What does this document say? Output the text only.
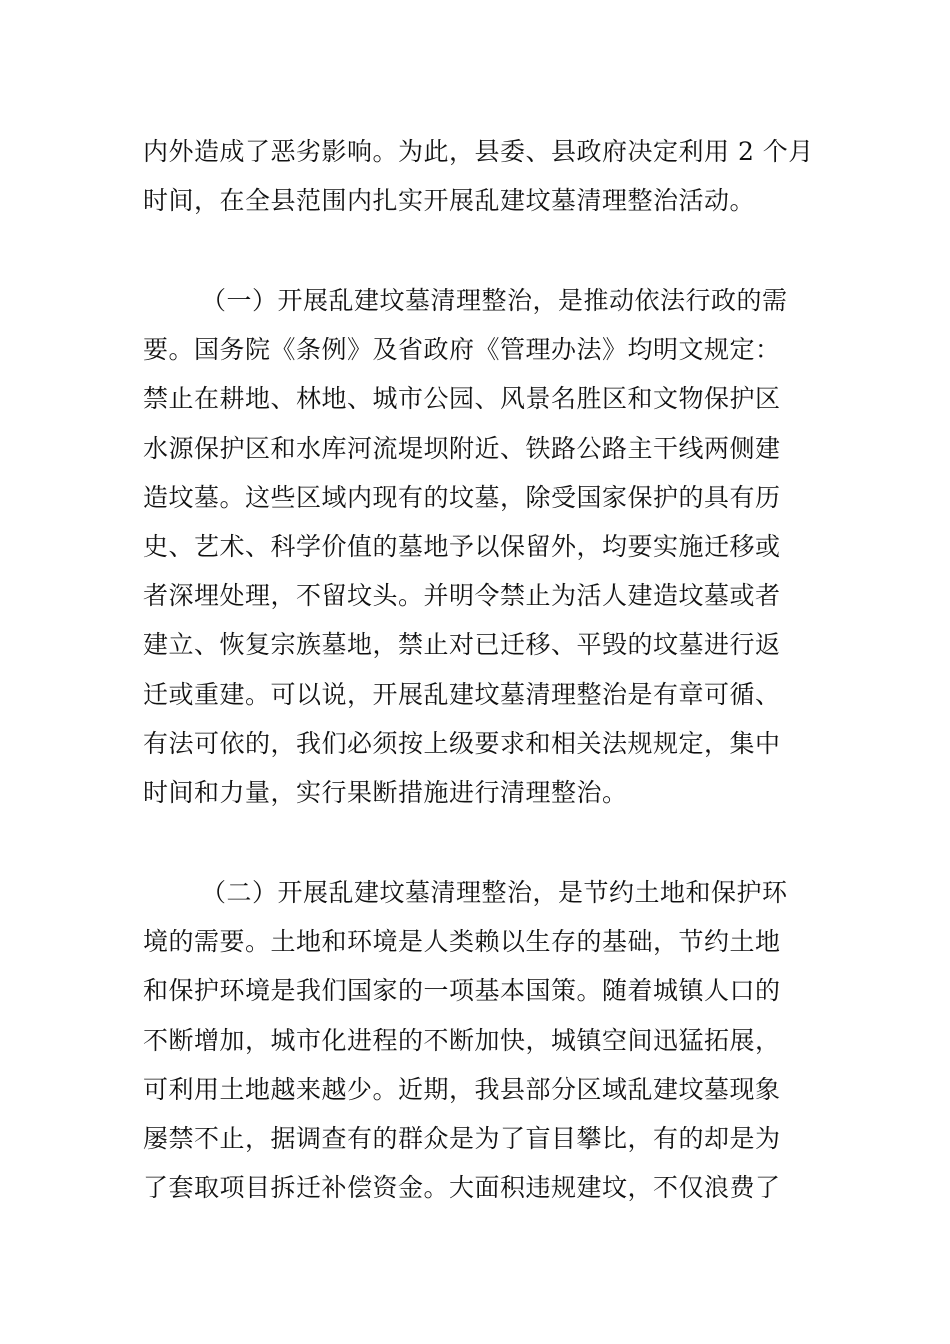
内外造成了恶劣影响。为此，县委、县政府决定利用 2 个月
时间，在全县范围内扎实开展乱建坟墓清理整治活动。
（一）开展乱建坟墓清理整治，是推动依法行政的需
要。国务院《条例》及省政府《管理办法》均明文规定：
禁止在耕地、林地、城市公园、风景名胜区和文物保护区
水源保护区和水库河流堤坝附近、铁路公路主干线两侧建
造坟墓。这些区域内现有的坟墓，除受国家保护的具有历
史、艺术、科学价值的墓地予以保留外，均要实施迁移或
者深埋处理，不留坟头。并明令禁止为活人建造坟墓或者
建立、恢复宗族墓地，禁止对已迁移、平毁的坟墓进行返
迁或重建。可以说，开展乱建坟墓清理整治是有章可循、
有法可依的，我们必须按上级要求和相关法规规定，集中
时间和力量，实行果断措施进行清理整治。
（二）开展乱建坟墓清理整治，是节约土地和保护环
境的需要。土地和环境是人类赖以生存的基础，节约土地
和保护环境是我们国家的一项基本国策。随着城镇人口的
不断增加，城市化进程的不断加快，城镇空间迅猛拓展，
可利用土地越来越少。近期，我县部分区域乱建坟墓现象
屡禁不止，据调查有的群众是为了盲目攀比，有的却是为
了套取项目拆迁补偿资金。大面积违规建坟，不仅浪费了
